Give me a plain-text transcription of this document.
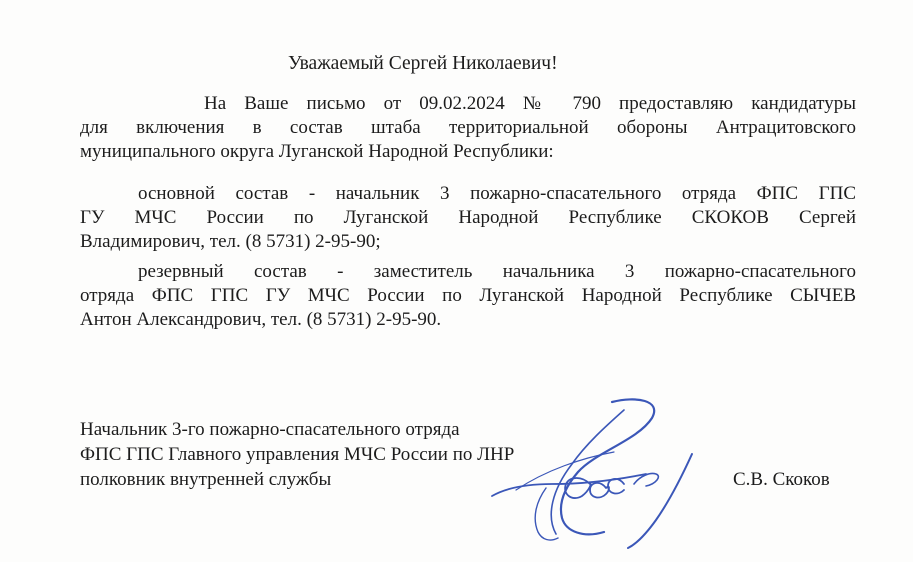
Уважаемый Сергей Николаевич!
На Ваше письмо от 09.02.2024 № 790 предоставляю кандидатуры
для включения в состав штаба территориальной обороны Антрацитовского
муниципального округа Луганской Народной Республики:
основной состав - начальник 3 пожарно-спасательного отряда ФПС ГПС
ГУ МЧС России по Луганской Народной Республике СКОКОВ Сергей
Владимирович, тел. (8 5731) 2-95-90;
резервный состав - заместитель начальника 3 пожарно-спасательного
отряда ФПС ГПС ГУ МЧС России по Луганской Народной Республике СЫЧЕВ
Антон Александрович, тел. (8 5731) 2-95-90.
Начальник 3-го пожарно-спасательного отряда
ФПС ГПС Главного управления МЧС России по ЛНР
полковник внутренней службы	С.В. Скоков
